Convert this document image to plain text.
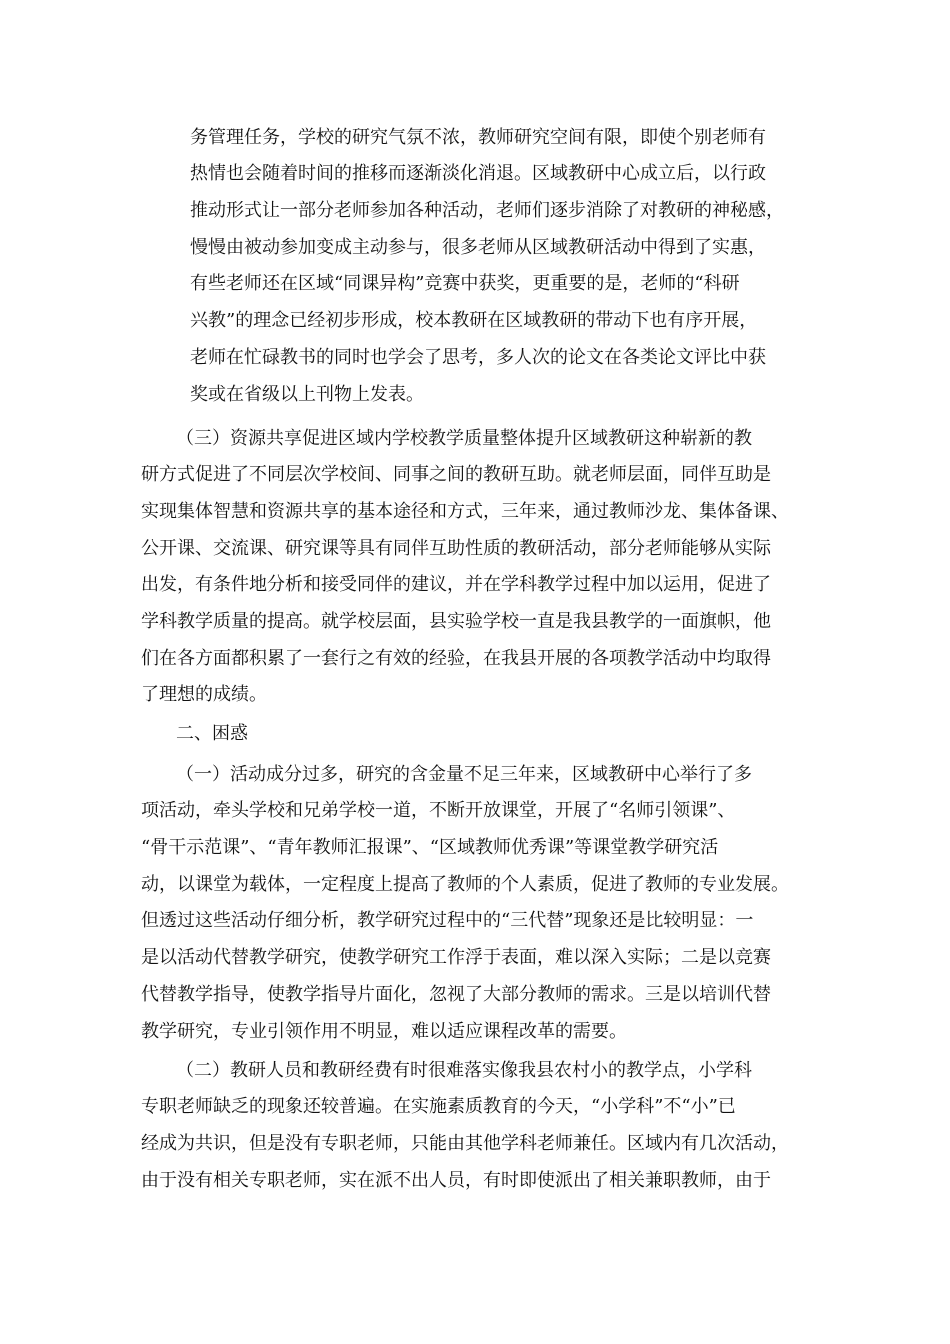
务管理任务，学校的研究气氛不浓，教师研究空间有限，即使个别老师有
热情也会随着时间的推移而逐渐淡化消退。区域教研中心成立后，以行政
推动形式让一部分老师参加各种活动，老师们逐步消除了对教研的神秘感，
慢慢由被动参加变成主动参与，很多老师从区域教研活动中得到了实惠，
有些老师还在区域“同课异构”竞赛中获奖，更重要的是，老师的“科研
兴教”的理念已经初步形成，校本教研在区域教研的带动下也有序开展，
老师在忙碌教书的同时也学会了思考，多人次的论文在各类论文评比中获
奖或在省级以上刊物上发表。
（三）资源共享促进区域内学校教学质量整体提升区域教研这种崭新的教
研方式促进了不同层次学校间、同事之间的教研互助。就老师层面，同伴互助是
实现集体智慧和资源共享的基本途径和方式，三年来，通过教师沙龙、集体备课、
公开课、交流课、研究课等具有同伴互助性质的教研活动，部分老师能够从实际
出发，有条件地分析和接受同伴的建议，并在学科教学过程中加以运用，促进了
学科教学质量的提高。就学校层面，县实验学校一直是我县教学的一面旗帜，他
们在各方面都积累了一套行之有效的经验，在我县开展的各项教学活动中均取得
了理想的成绩。
二、困惑
（一）活动成分过多，研究的含金量不足三年来，区域教研中心举行了多
项活动，牵头学校和兄弟学校一道，不断开放课堂，开展了“名师引领课”、
“骨干示范课”、“青年教师汇报课”、“区域教师优秀课”等课堂教学研究活
动，以课堂为载体，一定程度上提高了教师的个人素质，促进了教师的专业发展。
但透过这些活动仔细分析，教学研究过程中的“三代替”现象还是比较明显：一
是以活动代替教学研究，使教学研究工作浮于表面，难以深入实际；二是以竞赛
代替教学指导，使教学指导片面化，忽视了大部分教师的需求。三是以培训代替
教学研究，专业引领作用不明显，难以适应课程改革的需要。
（二）教研人员和教研经费有时很难落实像我县农村小的教学点，小学科
专职老师缺乏的现象还较普遍。在实施素质教育的今天，“小学科”不“小”已
经成为共识，但是没有专职老师，只能由其他学科老师兼任。区域内有几次活动，
由于没有相关专职老师，实在派不出人员，有时即使派出了相关兼职教师，由于
